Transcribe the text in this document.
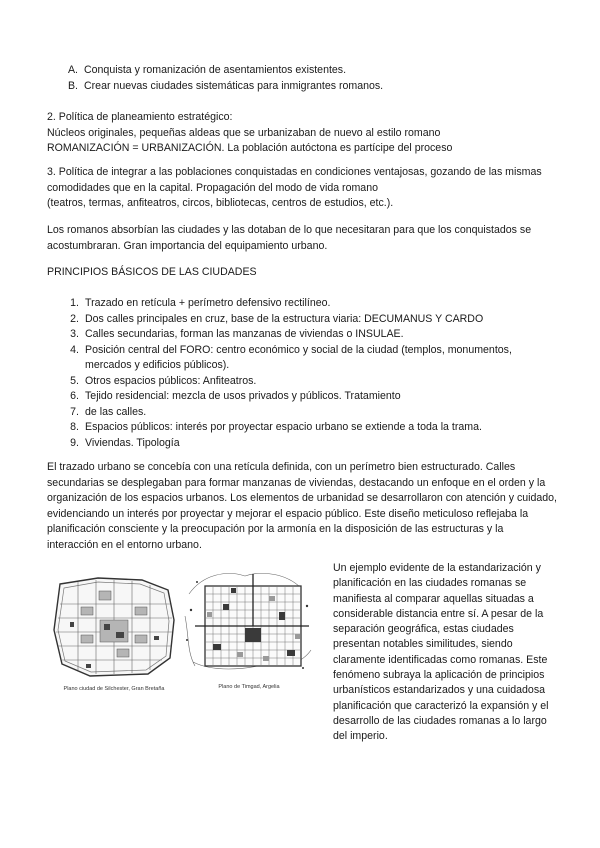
A. Conquista y romanización de asentamientos existentes.
B. Crear nuevas ciudades sistemáticas para inmigrantes romanos.

2. Política de planeamiento estratégico:

Núcleos originales, pequeñas aldeas que se urbanizaban de nuevo al estilo romano

ROMANIZACIÓN = URBANIZACIÓN. La población autóctona es partícipe del proceso

3. Política de integrar a las poblaciones conquistadas en condiciones ventajosas, gozando de las mismas comodidades que en la capital. Propagación del modo de vida romano

(teatros, termas, anfiteatros, circos, bibliotecas, centros de estudios, etc.).

Los romanos absorbían las ciudades y las dotaban de lo que necesitaran para que los conquistados se acostumbraran. Gran importancia del equipamiento urbano.
PRINCIPIOS BÁSICOS DE LAS CIUDADES
1. Trazado en retícula + perímetro defensivo rectilíneo.
2. Dos calles principales en cruz, base de la estructura viaria: DECUMANUS Y CARDO
3. Calles secundarias, forman las manzanas de viviendas o INSULAE.
4. Posición central del FORO: centro económico y social de la ciudad (templos, monumentos, mercados y edificios públicos).
5. Otros espacios públicos: Anfiteatros.
6. Tejido residencial: mezcla de usos privados y públicos. Tratamiento
7. de las calles.
8. Espacios públicos: interés por proyectar espacio urbano se extiende a toda la trama.
9. Viviendas. Tipología
El trazado urbano se concebía con una retícula definida, con un perímetro bien estructurado. Calles secundarias se desplegaban para formar manzanas de viviendas, destacando un enfoque en el orden y la organización de los espacios urbanos. Los elementos de urbanidad se desarrollaron con atención y cuidado, evidenciando un interés por proyectar y mejorar el espacio público. Este diseño meticuloso reflejaba la planificación consciente y la preocupación por la armonía en la disposición de las estructuras y la interacción en el entorno urbano.
Plano ciudad de Silchester, Gran Bretaña	Plano de Timgad, Argelia
Un ejemplo evidente de la estandarización y planificación en las ciudades romanas se manifiesta al comparar aquellas situadas a considerable distancia entre sí. A pesar de la separación geográfica, estas ciudades presentan notables similitudes, siendo claramente identificadas como romanas. Este fenómeno subraya la aplicación de principios urbanísticos estandarizados y una cuidadosa planificación que caracterizó la expansión y el desarrollo de las ciudades romanas a lo largo del imperio.
